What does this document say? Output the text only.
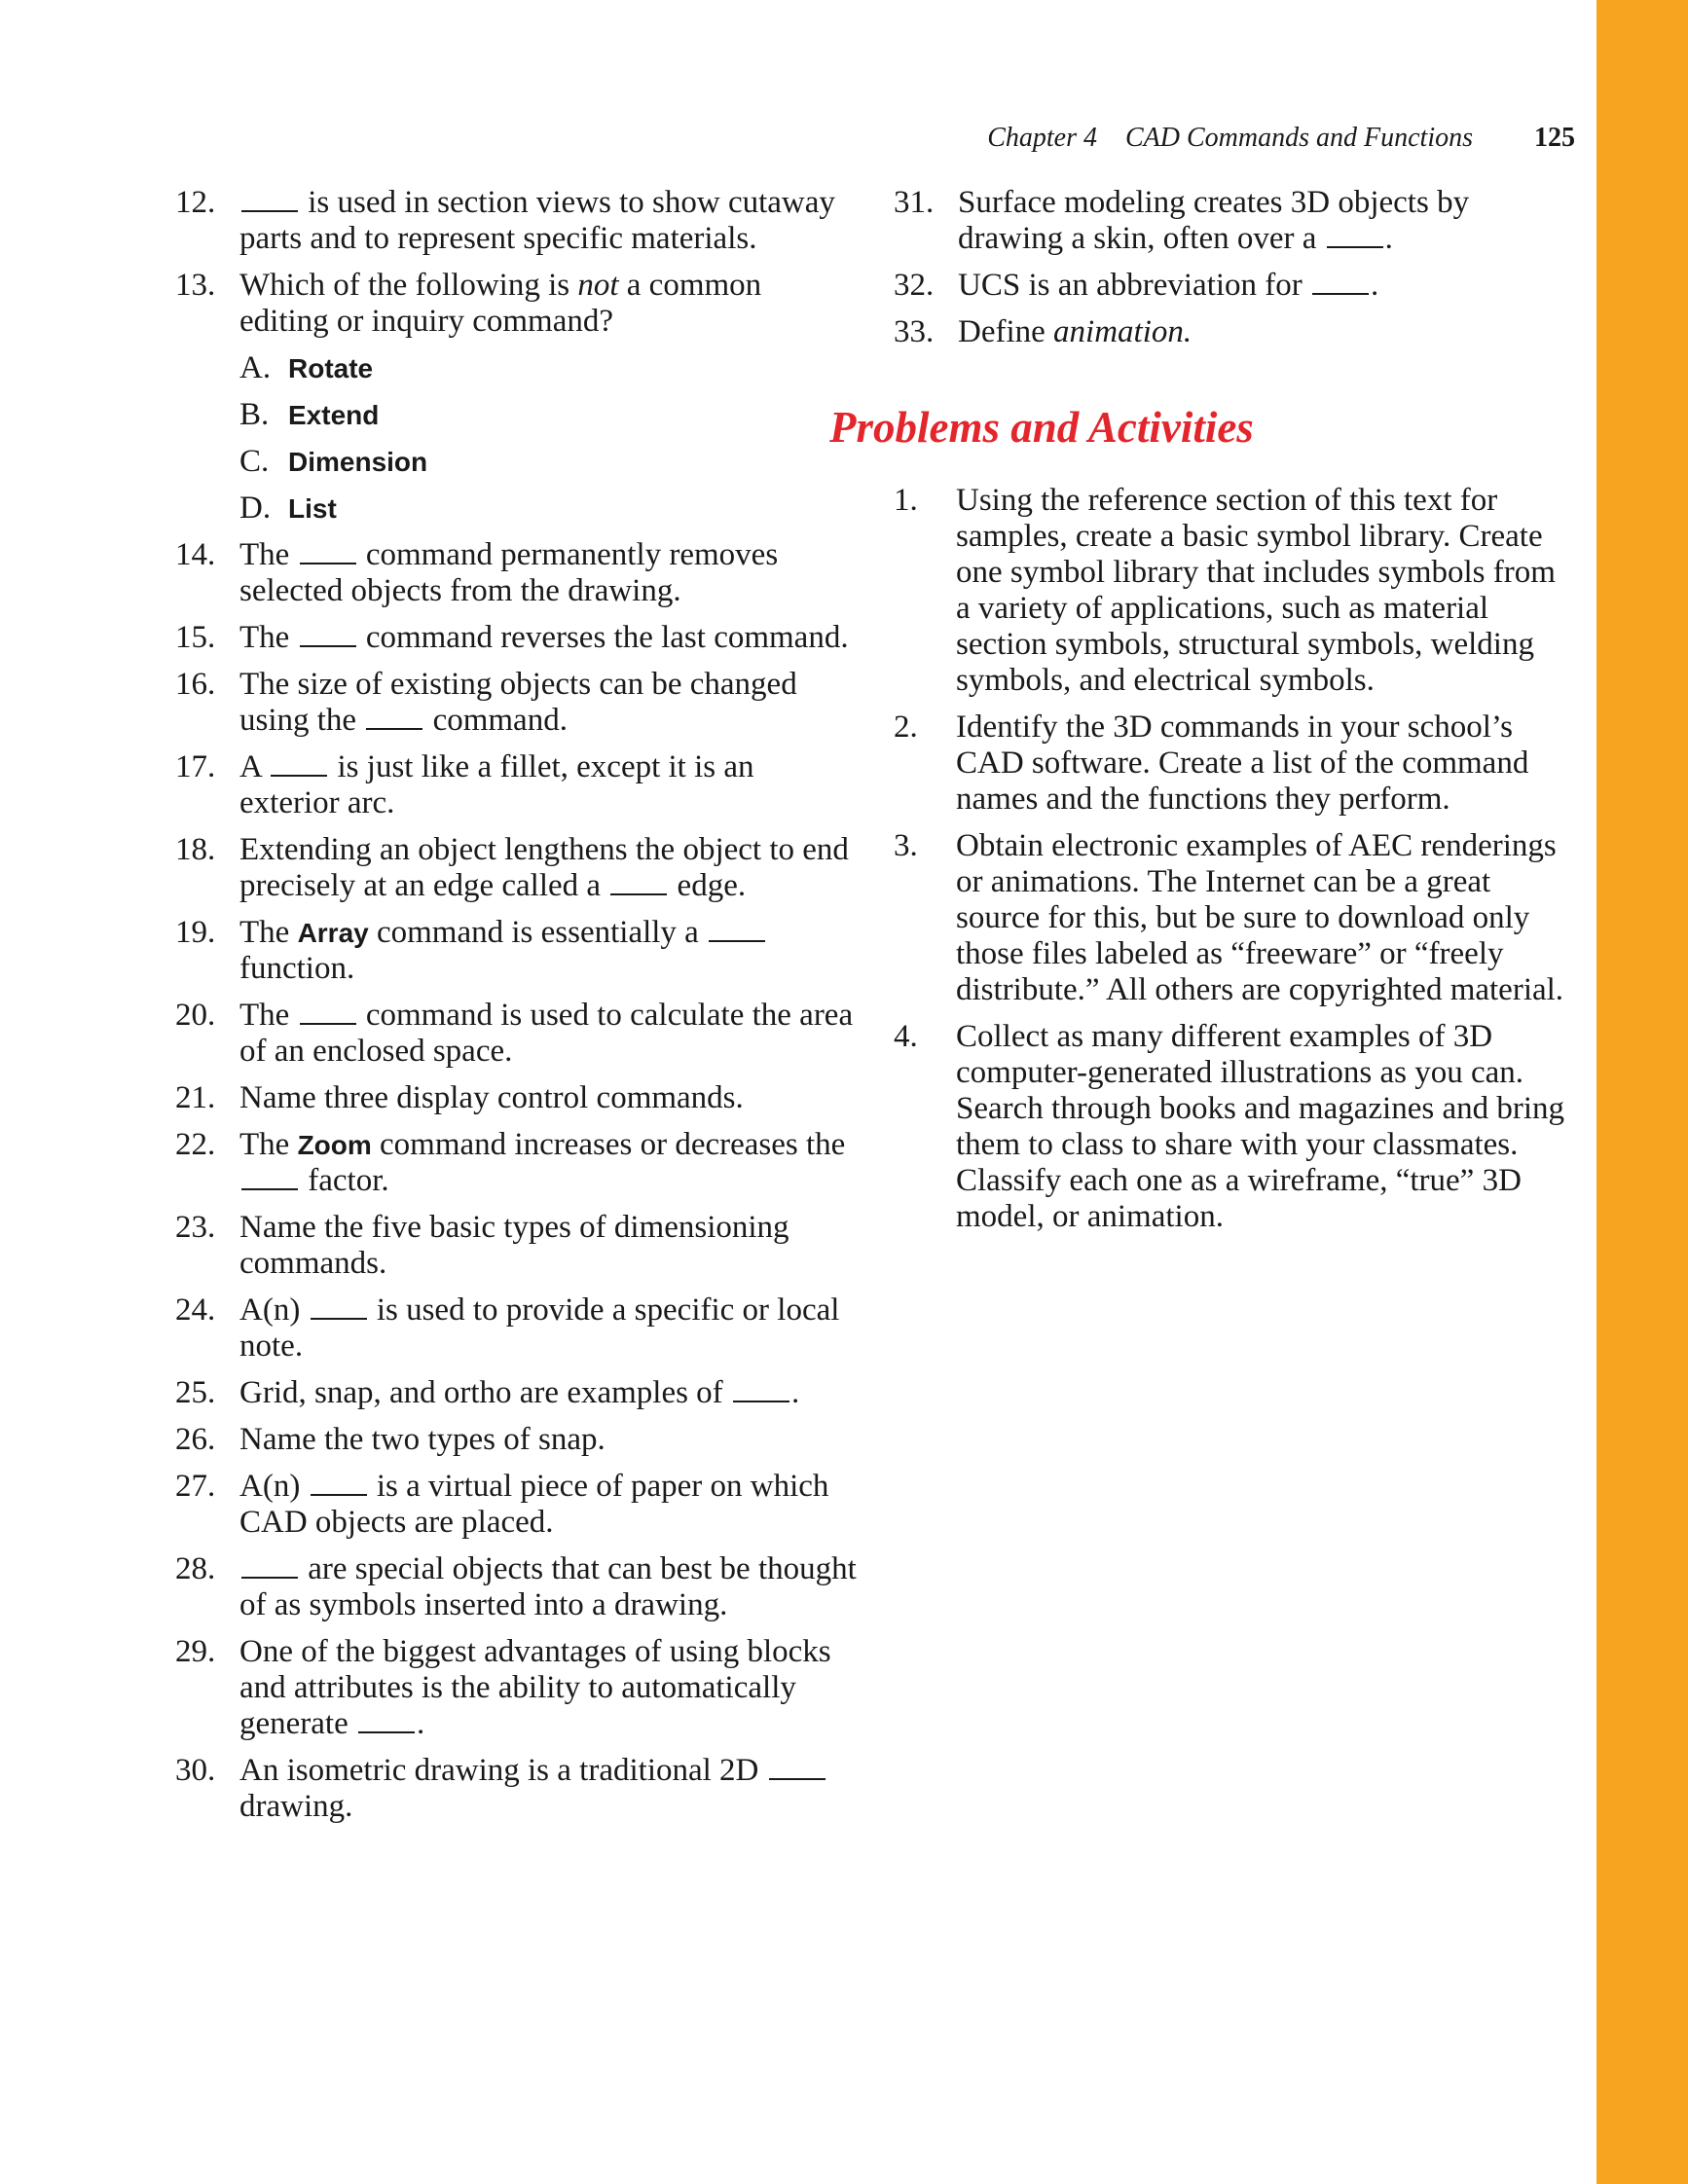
Chapter 4 CAD Commands and Functions 125
12.	is used in section views to show cutaway parts and to represent specific materials.
13. Which of the following is not a common editing or inquiry command?
A. Rotate
B. Extend
C. Dimension
D. List
14. The  command permanently removes selected objects from the drawing.
15. The  command reverses the last command.
16. The size of existing objects can be changed using the  command.
17. A  is just like a fillet, except it is an exterior arc.
18. Extending an object lengthens the object to end precisely at an edge called a  edge.
19. The Array command is essentially a  function.
20. The  command is used to calculate the area of an enclosed space.
21. Name three display control commands.
22. The Zoom command increases or decreases the  factor.
23. Name the five basic types of dimensioning commands.
24. A(n)  is used to provide a specific or local note.
25. Grid, snap, and ortho are examples of .
26. Name the two types of snap.
27. A(n)  is a virtual piece of paper on which CAD objects are placed.
28.	are special objects that can best be thought of as symbols inserted into a drawing.
29. One of the biggest advantages of using blocks and attributes is the ability to automatically generate .
30. An isometric drawing is a traditional 2D  drawing.
31. Surface modeling creates 3D objects by drawing a skin, often over a .
32. UCS is an abbreviation for .
33. Define animation.
Problems and Activities
1.	Using the reference section of this text for samples, create a basic symbol library. Create one symbol library that includes symbols from a variety of applications, such as material section symbols, structural symbols, welding symbols, and electrical symbols.
2.	Identify the 3D commands in your school’s CAD software. Create a list of the command names and the functions they perform.
3.	Obtain electronic examples of AEC renderings or animations. The Internet can be a great source for this, but be sure to download only those files labeled as “freeware” or “freely distribute.” All others are copyrighted material.
4.	Collect as many different examples of 3D computer-generated illustrations as you can. Search through books and magazines and bring them to class to share with your classmates. Classify each one as a wireframe, “true” 3D model, or animation.
